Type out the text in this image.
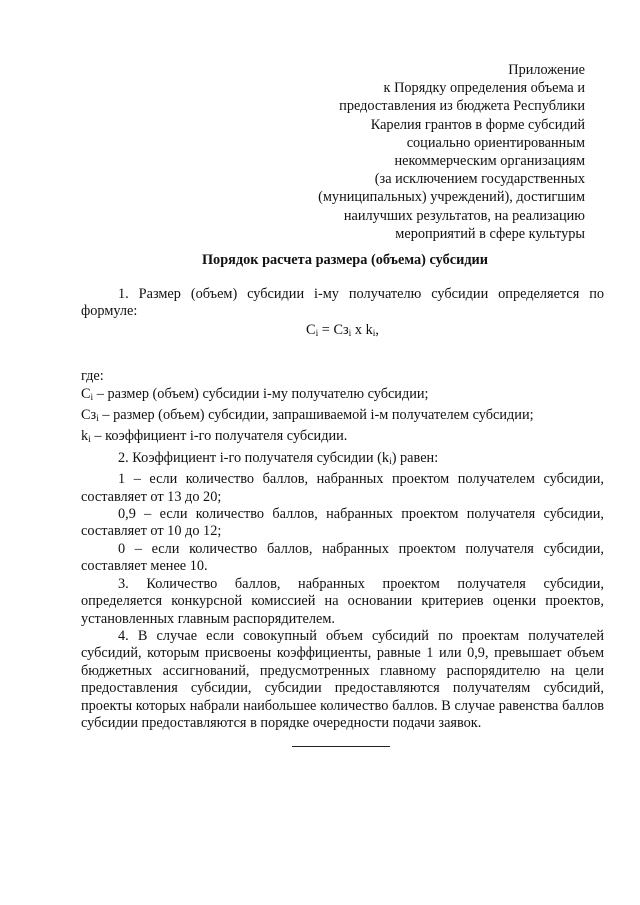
Приложение
к Порядку определения объема и
предоставления из бюджета Республики
Карелия грантов в форме субсидий
социально ориентированным
некоммерческим организациям
(за исключением государственных
(муниципальных) учреждений), достигшим
наилучших результатов, на реализацию
мероприятий в сфере культуры
Порядок расчета размера (объема) субсидии

1. Размер (объем) субсидии i-му получателю субсидии определяется по формуле:

$C_i = Сз_i$ x $k_i$,

где:

$C_i$ – размер (объем) субсидии i-му получателю субсидии;

$Сз_i$ – размер (объем) субсидии, запрашиваемой i-м получателем субсидии;

$k_i$ – коэффициент i-го получателя субсидии.

2. Коэффициент i-го получателя субсидии $(k_i)$ равен:

1 – если количество баллов, набранных проектом получателем субсидии, составляет от 13 до 20;

0,9 – если количество баллов, набранных проектом получателя субсидии, составляет от 10 до 12;

0 – если количество баллов, набранных проектом получателя субсидии, составляет менее 10.

3. Количество баллов, набранных проектом получателя субсидии, определяется конкурсной комиссией на основании критериев оценки проектов, установленных главным распорядителем.

4. В случае если совокупный объем субсидий по проектам получателей субсидий, которым присвоены коэффициенты, равные 1 или 0,9, превышает объем бюджетных ассигнований, предусмотренных главному распорядителю на цели предоставления субсидии, субсидии предоставляются получателям субсидий, проекты которых набрали наибольшее количество баллов. В случае равенства баллов субсидии предоставляются в порядке очередности подачи заявок.
